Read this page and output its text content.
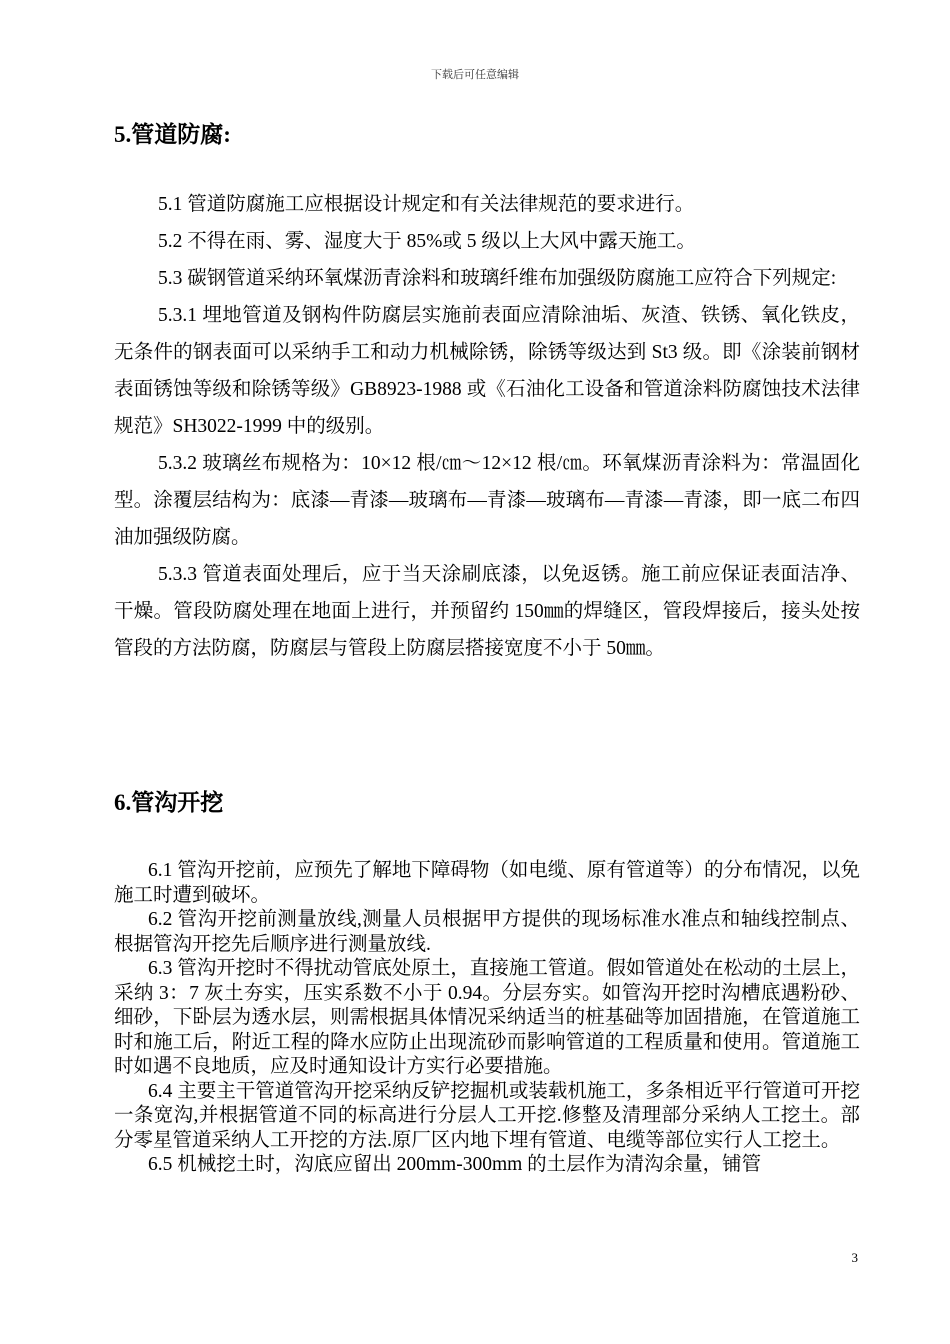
下载后可任意编辑
5.管道防腐:

5.1 管道防腐施工应根据设计规定和有关法律规范的要求进行。

5.2 不得在雨、雾、湿度大于 85%或 5 级以上大风中露天施工。

5.3 碳钢管道采纳环氧煤沥青涂料和玻璃纤维布加强级防腐施工应符合下列规定:

5.3.1 埋地管道及钢构件防腐层实施前表面应清除油垢、灰渣、铁锈、氧化铁皮，无条件的钢表面可以采纳手工和动力机械除锈，除锈等级达到 St3 级。即《涂装前钢材表面锈蚀等级和除锈等级》GB8923-1988 或《石油化工设备和管道涂料防腐蚀技术法律规范》SH3022-1999 中的级别。

5.3.2 玻璃丝布规格为：10×12 根/㎝～12×12 根/㎝。环氧煤沥青涂料为：常温固化型。涂覆层结构为：底漆—青漆—玻璃布—青漆—玻璃布—青漆—青漆，即一底二布四油加强级防腐。

5.3.3 管道表面处理后，应于当天涂刷底漆，以免返锈。施工前应保证表面洁净、干燥。管段防腐处理在地面上进行，并预留约 150㎜的焊缝区，管段焊接后，接头处按管段的方法防腐，防腐层与管段上防腐层搭接宽度不小于 50㎜。

6.管沟开挖

6.1 管沟开挖前，应预先了解地下障碍物（如电缆、原有管道等）的分布情况，以免施工时遭到破坏。

6.2 管沟开挖前测量放线,测量人员根据甲方提供的现场标准水准点和轴线控制点、根据管沟开挖先后顺序进行测量放线.

6.3 管沟开挖时不得扰动管底处原土，直接施工管道。假如管道处在松动的土层上，采纳 3：7 灰土夯实，压实系数不小于 0.94。分层夯实。如管沟开挖时沟槽底遇粉砂、细砂，下卧层为透水层，则需根据具体情况采纳适当的桩基础等加固措施，在管道施工时和施工后，附近工程的降水应防止出现流砂而影响管道的工程质量和使用。管道施工时如遇不良地质，应及时通知设计方实行必要措施。

6.4 主要主干管道管沟开挖采纳反铲挖掘机或装载机施工，多条相近平行管道可开挖一条宽沟,并根据管道不同的标高进行分层人工开挖.修整及清理部分采纳人工挖土。部分零星管道采纳人工开挖的方法.原厂区内地下埋有管道、电缆等部位实行人工挖土。

6.5 机械挖土时，沟底应留出 200mm-300mm 的土层作为清沟余量，铺管

3
